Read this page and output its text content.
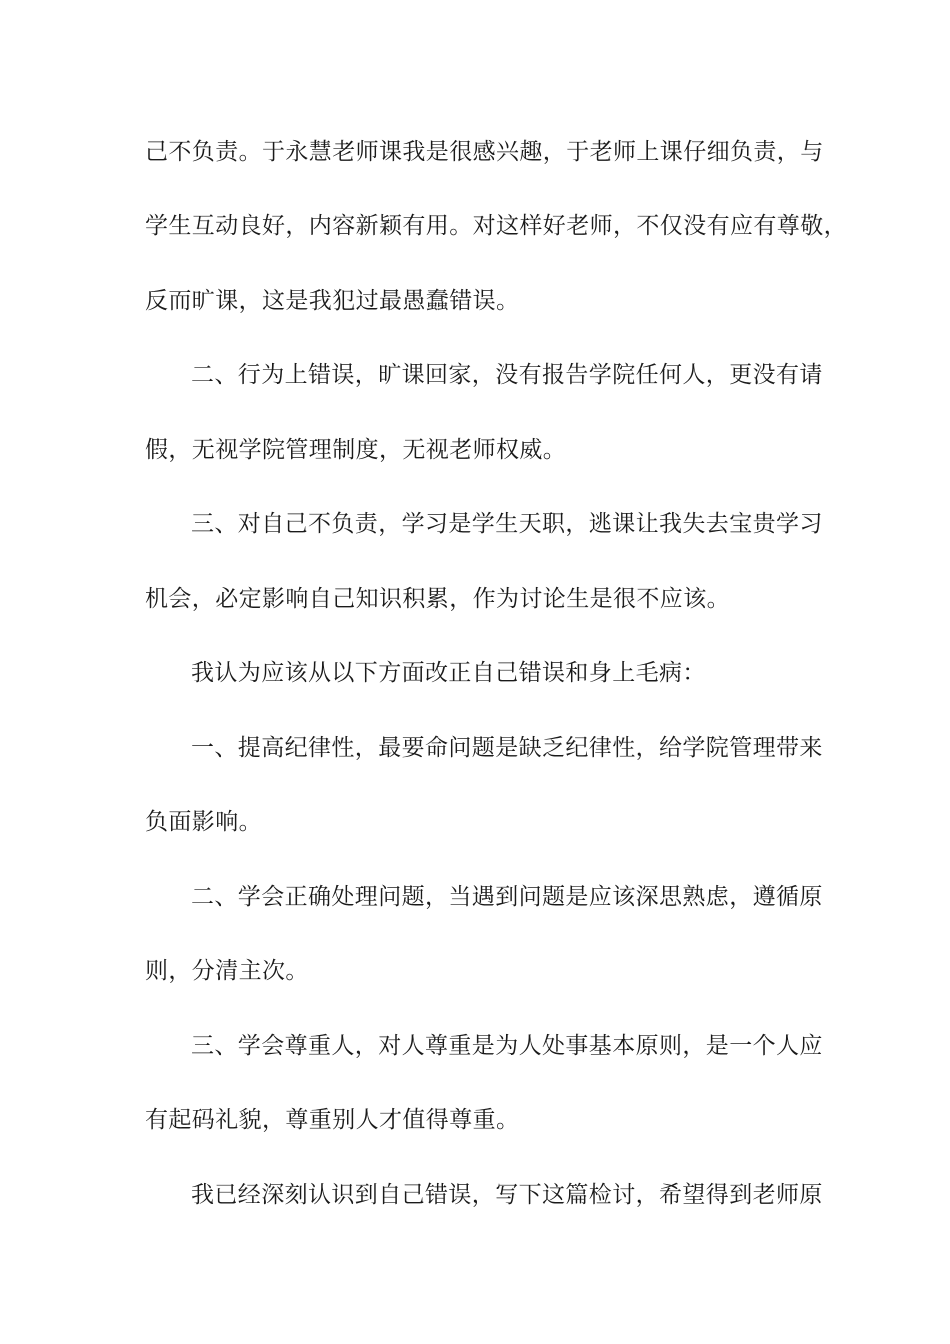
己不负责。于永慧老师课我是很感兴趣，于老师上课仔细负责，与
学生互动良好，内容新颖有用。对这样好老师，不仅没有应有尊敬，
反而旷课，这是我犯过最愚蠢错误。
二、行为上错误，旷课回家，没有报告学院任何人，更没有请
假，无视学院管理制度，无视老师权威。
三、对自己不负责，学习是学生天职，逃课让我失去宝贵学习
机会，必定影响自己知识积累，作为讨论生是很不应该。
我认为应该从以下方面改正自己错误和身上毛病：
一、提高纪律性，最要命问题是缺乏纪律性，给学院管理带来
负面影响。
二、学会正确处理问题，当遇到问题是应该深思熟虑，遵循原
则，分清主次。
三、学会尊重人，对人尊重是为人处事基本原则，是一个人应
有起码礼貌，尊重别人才值得尊重。
我已经深刻认识到自己错误，写下这篇检讨，希望得到老师原
